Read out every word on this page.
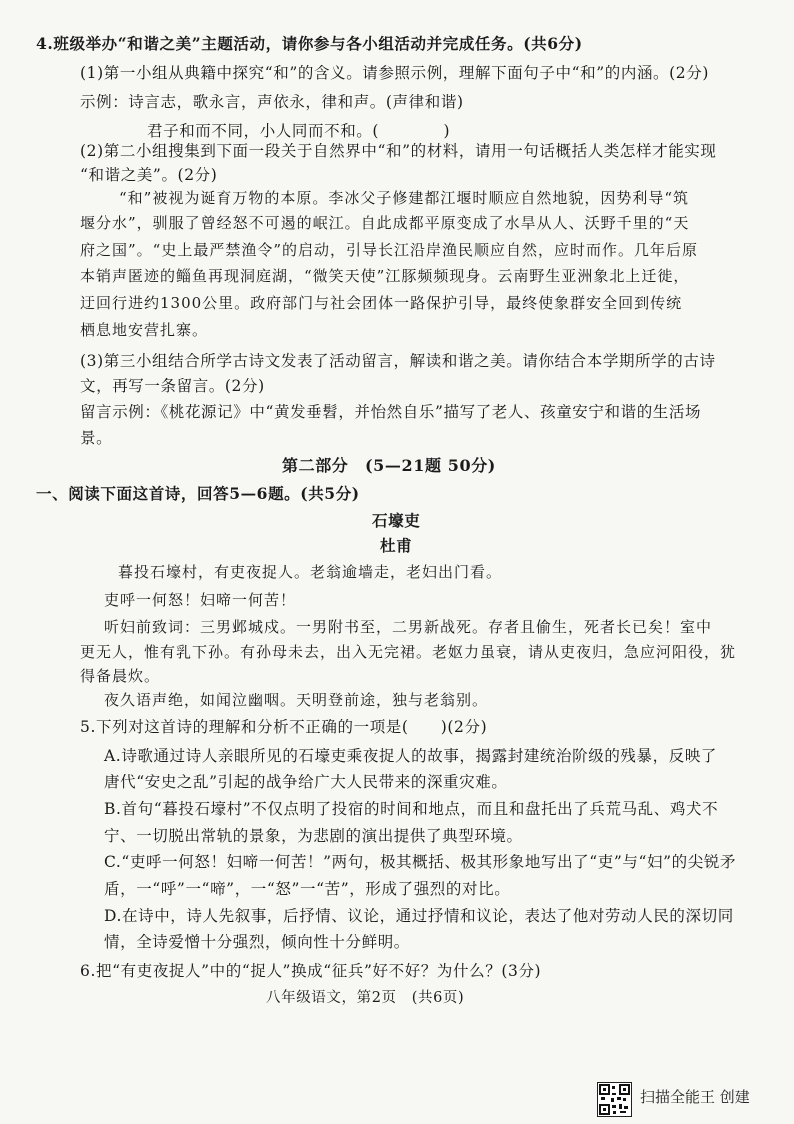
4.班级举办“和谐之美”主题活动，请你参与各小组活动并完成任务。(共6分)
(1)第一小组从典籍中探究“和”的含义。请参照示例，理解下面句子中“和”的内涵。(2分)
示例：诗言志，歌永言，声依永，律和声。(声律和谐)
君子和而不同，小人同而不和。(　　　　)
(2)第二小组搜集到下面一段关于自然界中“和”的材料，请用一句话概括人类怎样才能实现
“和谐之美”。(2分)
“和”被视为诞育万物的本原。李冰父子修建都江堰时顺应自然地貌，因势利导“筑
堰分水”，驯服了曾经怒不可遏的岷江。自此成都平原变成了水旱从人、沃野千里的“天
府之国”。“史上最严禁渔令”的启动，引导长江沿岸渔民顺应自然，应时而作。几年后原
本销声匿迹的鲻鱼再现洞庭湖，“微笑天使”江豚频频现身。云南野生亚洲象北上迁徙，
迂回行进约1300公里。政府部门与社会团体一路保护引导，最终使象群安全回到传统
栖息地安营扎寨。
(3)第三小组结合所学古诗文发表了活动留言，解读和谐之美。请你结合本学期所学的古诗
文，再写一条留言。(2分)
留言示例：《桃花源记》中“黄发垂髫，并怡然自乐”描写了老人、孩童安宁和谐的生活场
景。
第二部分　(5—21题 50分)
一、阅读下面这首诗，回答5—6题。(共5分)
石壕吏
杜甫
暮投石壕村，有吏夜捉人。老翁逾墙走，老妇出门看。
吏呼一何怒！妇啼一何苦！
听妇前致词：三男邺城戍。一男附书至，二男新战死。存者且偷生，死者长已矣！室中
更无人，惟有乳下孙。有孙母未去，出入无完裙。老妪力虽衰，请从吏夜归，急应河阳役，犹
得备晨炊。
夜久语声绝，如闻泣幽咽。天明登前途，独与老翁别。
5.下列对这首诗的理解和分析不正确的一项是(　　)(2分)
A.诗歌通过诗人亲眼所见的石壕吏乘夜捉人的故事，揭露封建统治阶级的残暴，反映了
唐代“安史之乱”引起的战争给广大人民带来的深重灾难。
B.首句“暮投石壕村”不仅点明了投宿的时间和地点，而且和盘托出了兵荒马乱、鸡犬不
宁、一切脱出常轨的景象，为悲剧的演出提供了典型环境。
C.“吏呼一何怒！妇啼一何苦！”两句，极其概括、极其形象地写出了“吏”与“妇”的尖锐矛
盾，一“呼”一“啼”，一“怒”一“苦”，形成了强烈的对比。
D.在诗中，诗人先叙事，后抒情、议论，通过抒情和议论，表达了他对劳动人民的深切同
情，全诗爱憎十分强烈，倾向性十分鲜明。
6.把“有吏夜捉人”中的“捉人”换成“征兵”好不好？为什么？(3分)
八年级语文，第2页　(共6页)
扫描全能王 创建
